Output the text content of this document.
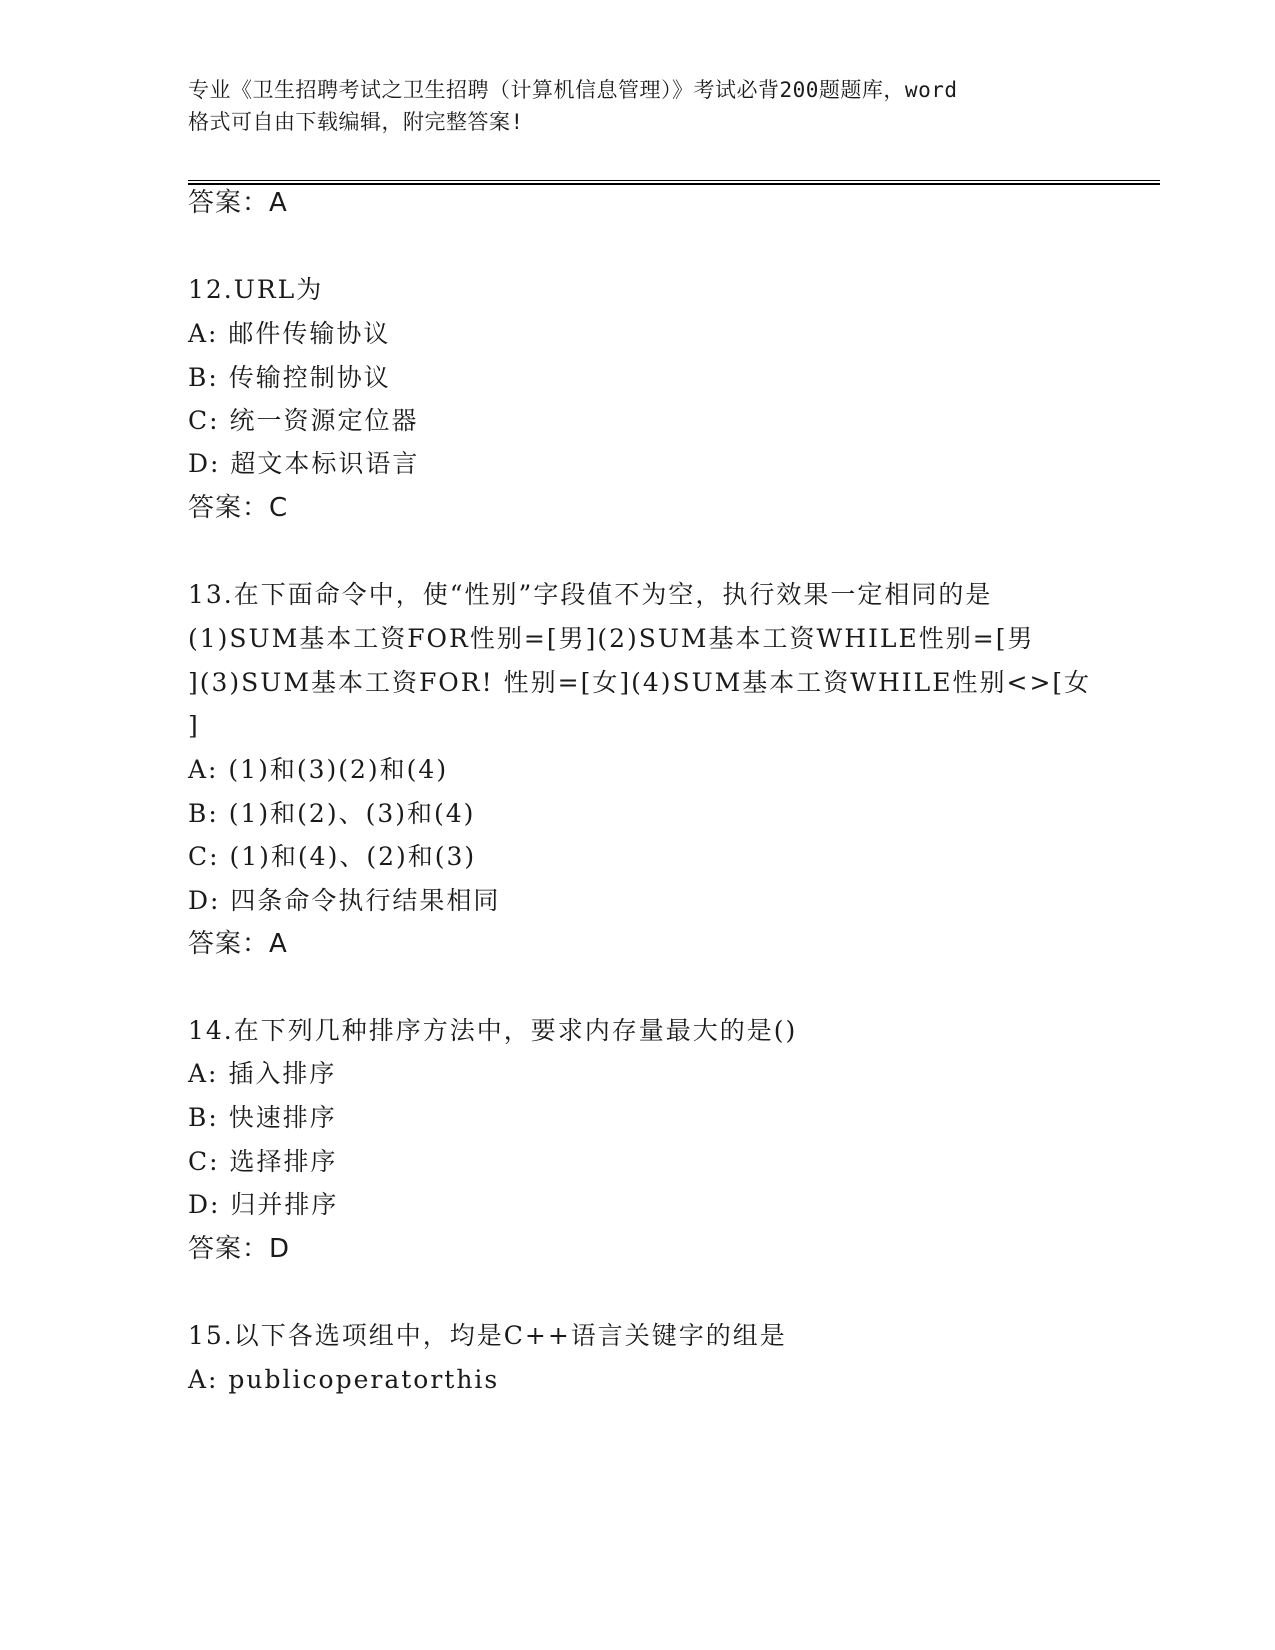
专业《卫生招聘考试之卫生招聘（计算机信息管理）》考试必背200题题库，word
格式可自由下载编辑，附完整答案!
答案：A
12.URL为
A: 邮件传输协议
B: 传输控制协议
C: 统一资源定位器
D: 超文本标识语言
答案：C
13.在下面命令中，使“性别”字段值不为空，执行效果一定相同的是
(1)SUM基本工资FOR性别=[男](2)SUM基本工资WHILE性别=[男
](3)SUM基本工资FOR! 性别=[女](4)SUM基本工资WHILE性别<>[女
]
A: (1)和(3)(2)和(4)
B: (1)和(2)、(3)和(4)
C: (1)和(4)、(2)和(3)
D: 四条命令执行结果相同
答案：A
14.在下列几种排序方法中，要求内存量最大的是()
A: 插入排序
B: 快速排序
C: 选择排序
D: 归并排序
答案：D
15.以下各选项组中，均是C++语言关键字的组是
A: publicoperatorthis
